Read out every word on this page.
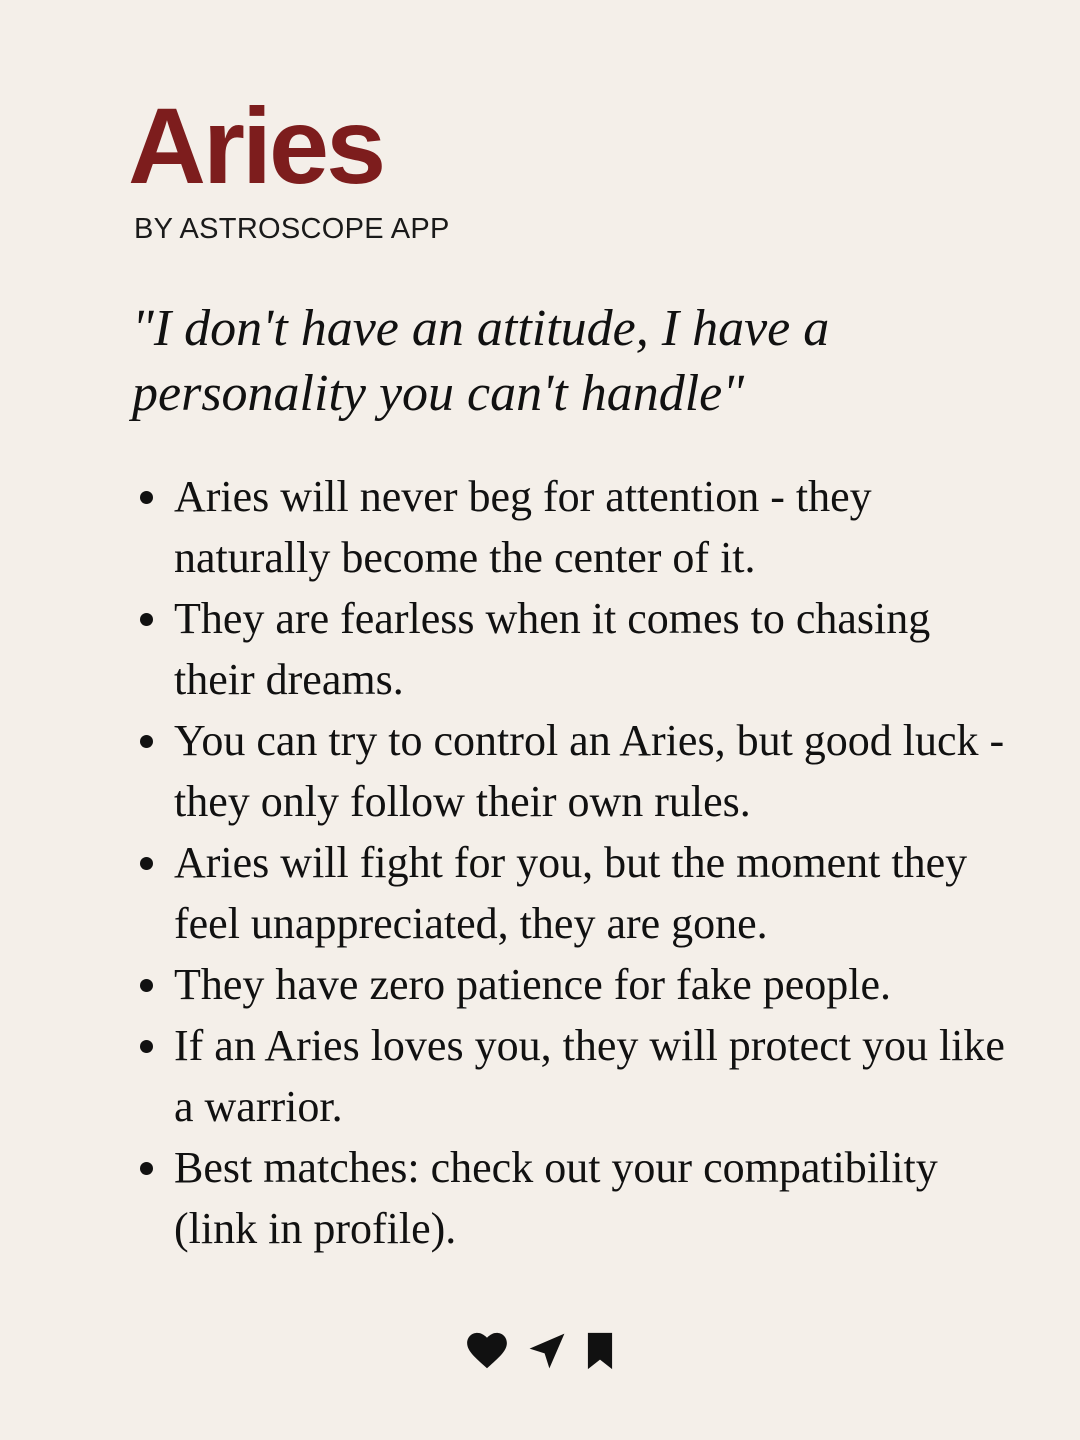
Aries

BY ASTROSCOPE APP

"I don't have an attitude, I have a personality you can't handle"

Aries will never beg for attention - they naturally become the center of it.
They are fearless when it comes to chasing their dreams.
You can try to control an Aries, but good luck - they only follow their own rules.
Aries will fight for you, but the moment they feel unappreciated, they are gone.
They have zero patience for fake people.
If an Aries loves you, they will protect you like a warrior.
Best matches: check out your compatibility (link in profile).
